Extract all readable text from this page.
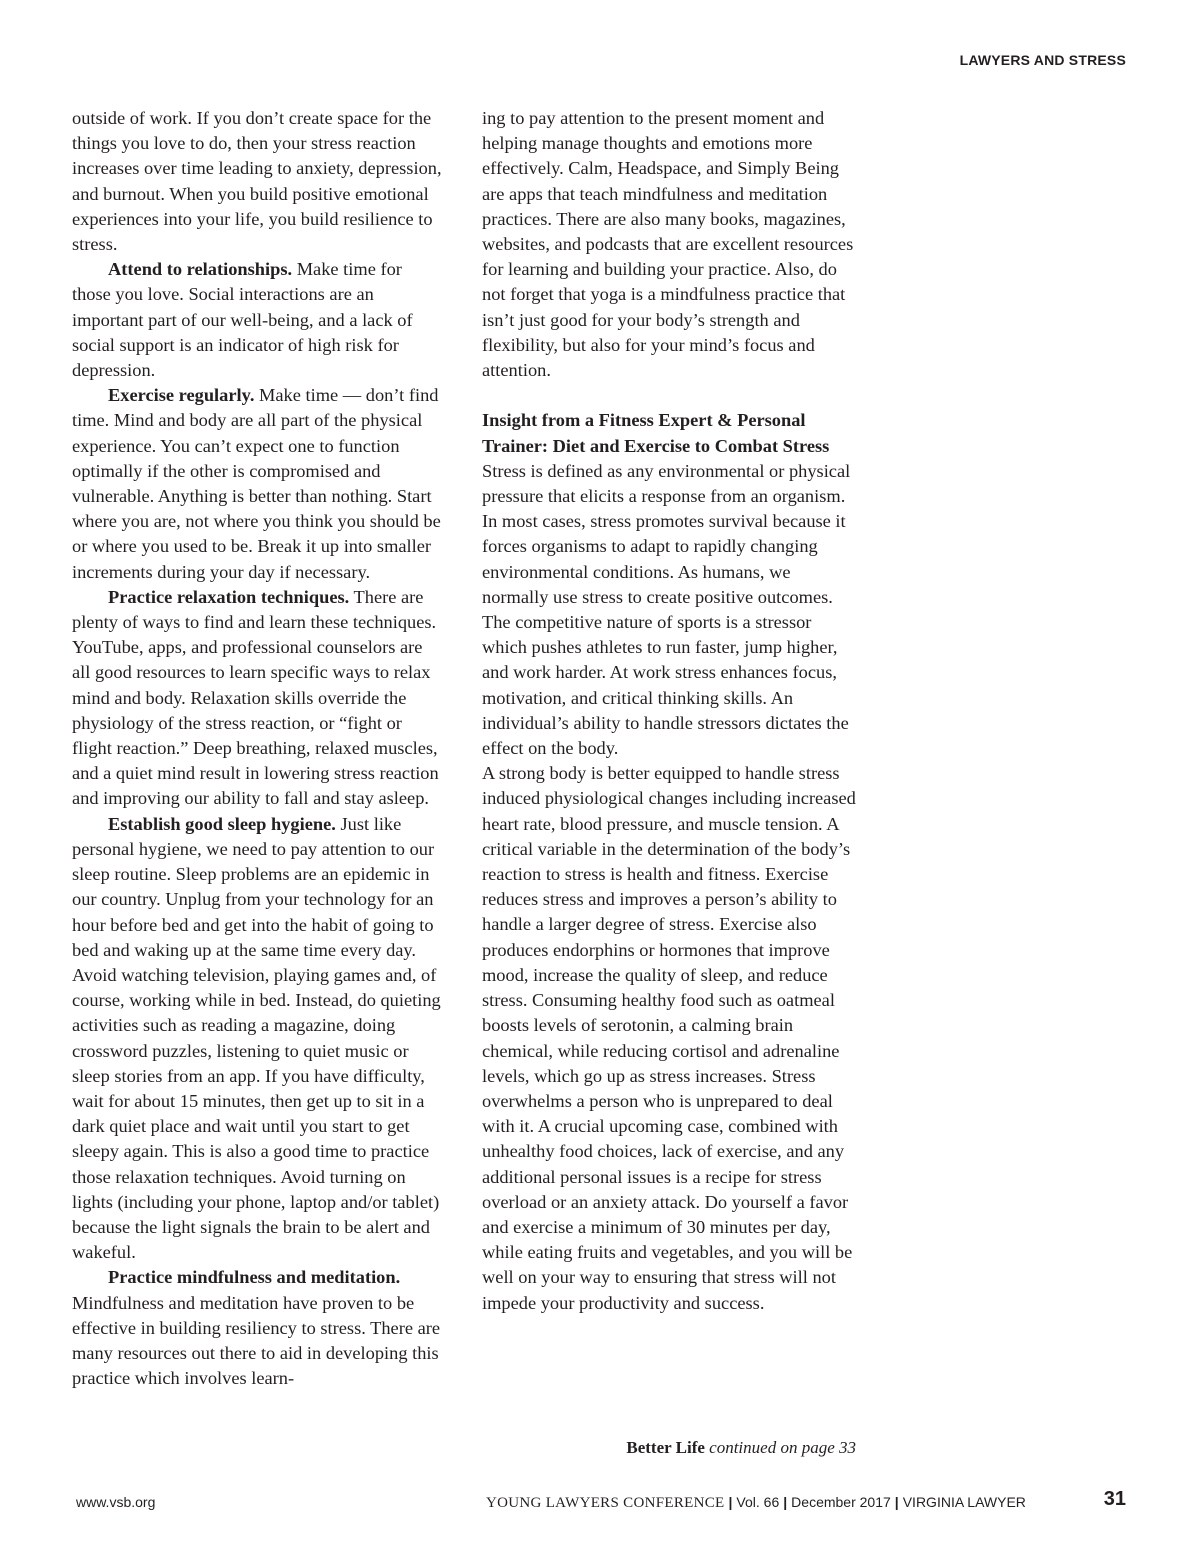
LAWYERS AND STRESS

outside of work. If you don’t create space for the things you love to do, then your stress reaction increases over time leading to anxiety, depression, and burnout. When you build positive emotional experiences into your life, you build resilience to stress.

Attend to relationships. Make time for those you love. Social interactions are an important part of our well-being, and a lack of social support is an indicator of high risk for depression.

Exercise regularly. Make time — don’t find time. Mind and body are all part of the physical experience. You can’t expect one to function optimally if the other is compromised and vulnerable. Anything is better than nothing. Start where you are, not where you think you should be or where you used to be. Break it up into smaller increments during your day if necessary.

Practice relaxation techniques. There are plenty of ways to find and learn these techniques. YouTube, apps, and professional counselors are all good resources to learn specific ways to relax mind and body. Relaxation skills override the physiology of the stress reaction, or “fight or flight reaction.” Deep breathing, relaxed muscles, and a quiet mind result in lowering stress reaction and improving our ability to fall and stay asleep.

Establish good sleep hygiene. Just like personal hygiene, we need to pay attention to our sleep routine. Sleep problems are an epidemic in our country. Unplug from your technology for an hour before bed and get into the habit of going to bed and waking up at the same time every day. Avoid watching television, playing games and, of course, working while in bed. Instead, do quieting activities such as reading a magazine, doing crossword puzzles, listening to quiet music or sleep stories from an app. If you have difficulty, wait for about 15 minutes, then get up to sit in a dark quiet place and wait until you start to get sleepy again. This is also a good time to practice those relaxation techniques. Avoid turning on lights (including your phone, laptop and/or tablet) because the light signals the brain to be alert and wakeful.

Practice mindfulness and meditation.

Mindfulness and meditation have proven to be effective in building resiliency to stress. There are many resources out there to aid in developing this practice which involves learn-

ing to pay attention to the present moment and helping manage thoughts and emotions more effectively. Calm, Headspace, and Simply Being are apps that teach mindfulness and meditation practices. There are also many books, magazines, websites, and podcasts that are excellent resources for learning and building your practice. Also, do not forget that yoga is a mindfulness practice that isn’t just good for your body’s strength and flexibility, but also for your mind’s focus and attention.

Insight from a Fitness Expert & Personal Trainer: Diet and Exercise to Combat Stress

Stress is defined as any environmental or physical pressure that elicits a response from an organism. In most cases, stress promotes survival because it forces organisms to adapt to rapidly changing environmental conditions. As humans, we normally use stress to create positive outcomes. The competitive nature of sports is a stressor which pushes athletes to run faster, jump higher, and work harder. At work stress enhances focus, motivation, and critical thinking skills. An individual’s ability to handle stressors dictates the effect on the body.

A strong body is better equipped to handle stress induced physiological changes including increased heart rate, blood pressure, and muscle tension. A critical variable in the determination of the body’s reaction to stress is health and fitness. Exercise reduces stress and improves a person’s ability to handle a larger degree of stress. Exercise also produces endorphins or hormones that improve mood, increase the quality of sleep, and reduce stress. Consuming healthy food such as oatmeal boosts levels of serotonin, a calming brain chemical, while reducing cortisol and adrenaline levels, which go up as stress increases. Stress overwhelms a person who is unprepared to deal with it. A crucial upcoming case, combined with unhealthy food choices, lack of exercise, and any additional personal issues is a recipe for stress overload or an anxiety attack. Do yourself a favor and exercise a minimum of 30 minutes per day, while eating fruits and vegetables, and you will be well on your way to ensuring that stress will not impede your productivity and success.

Better Life continued on page 33
www.vsb.org	YOUNG LAWYERS CONFERENCE | Vol. 66 | December 2017 | VIRGINIA LAWYER	31
